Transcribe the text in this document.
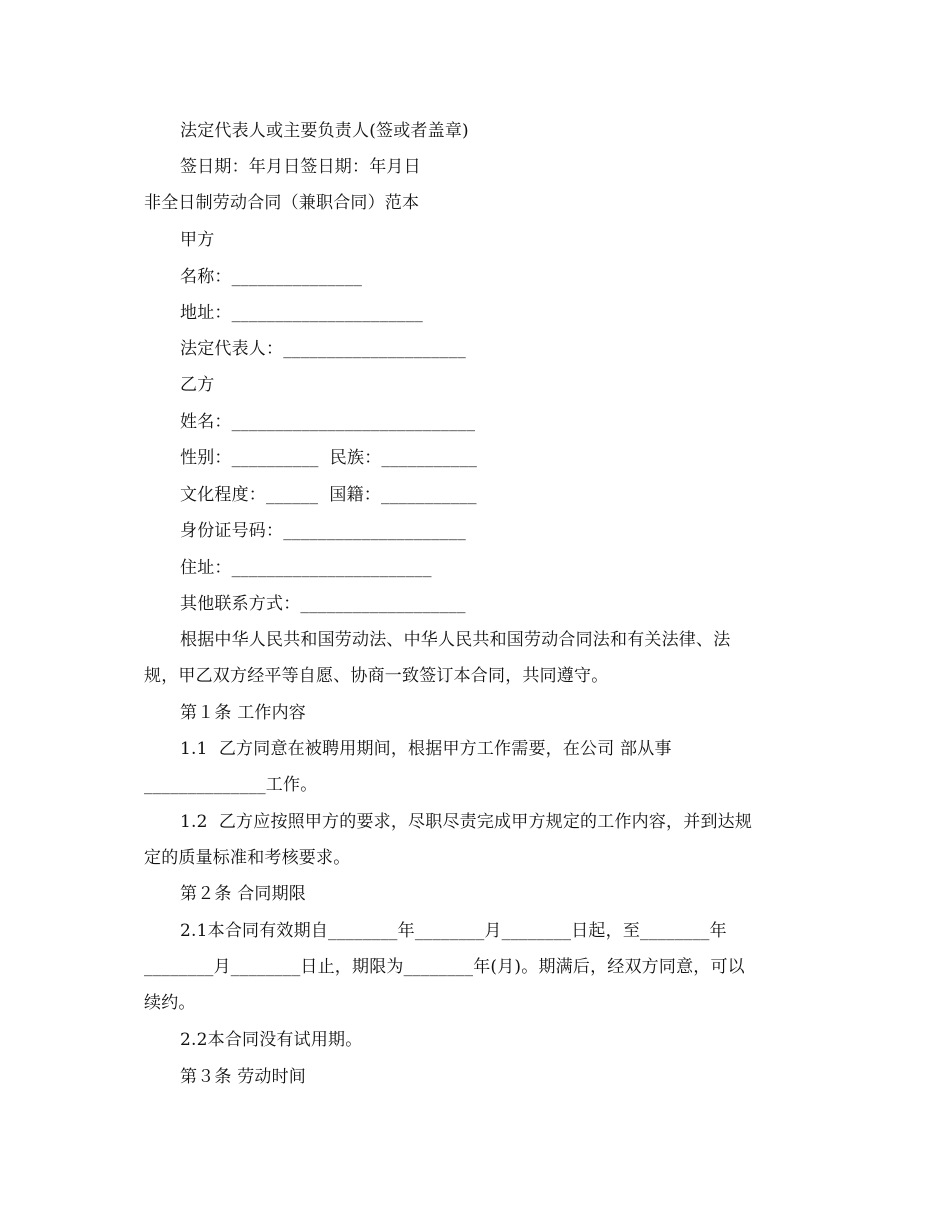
法定代表人或主要负责人(签或者盖章)
签日期：年月日签日期：年月日
非全日制劳动合同（兼职合同）范本
甲方
名称：_______________
地址：______________________
法定代表人：_____________________
乙方
姓名：____________________________
性别：__________  民族：___________
文化程度：______  国籍：___________
身份证号码：_____________________
住址：_______________________
其他联系方式：___________________
根据中华人民共和国劳动法、中华人民共和国劳动合同法和有关法律、法
规，甲乙双方经平等自愿、协商一致签订本合同，共同遵守。
第１条 工作内容
1.1  乙方同意在被聘用期间，根据甲方工作需要，在公司 部从事
______________工作。
1.2  乙方应按照甲方的要求，尽职尽责完成甲方规定的工作内容，并到达规
定的质量标准和考核要求。
第２条 合同期限
2.1本合同有效期自________年________月________日起，至________年
________月________日止，期限为________年(月)。期满后，经双方同意，可以
续约。
2.2本合同没有试用期。
第３条 劳动时间
